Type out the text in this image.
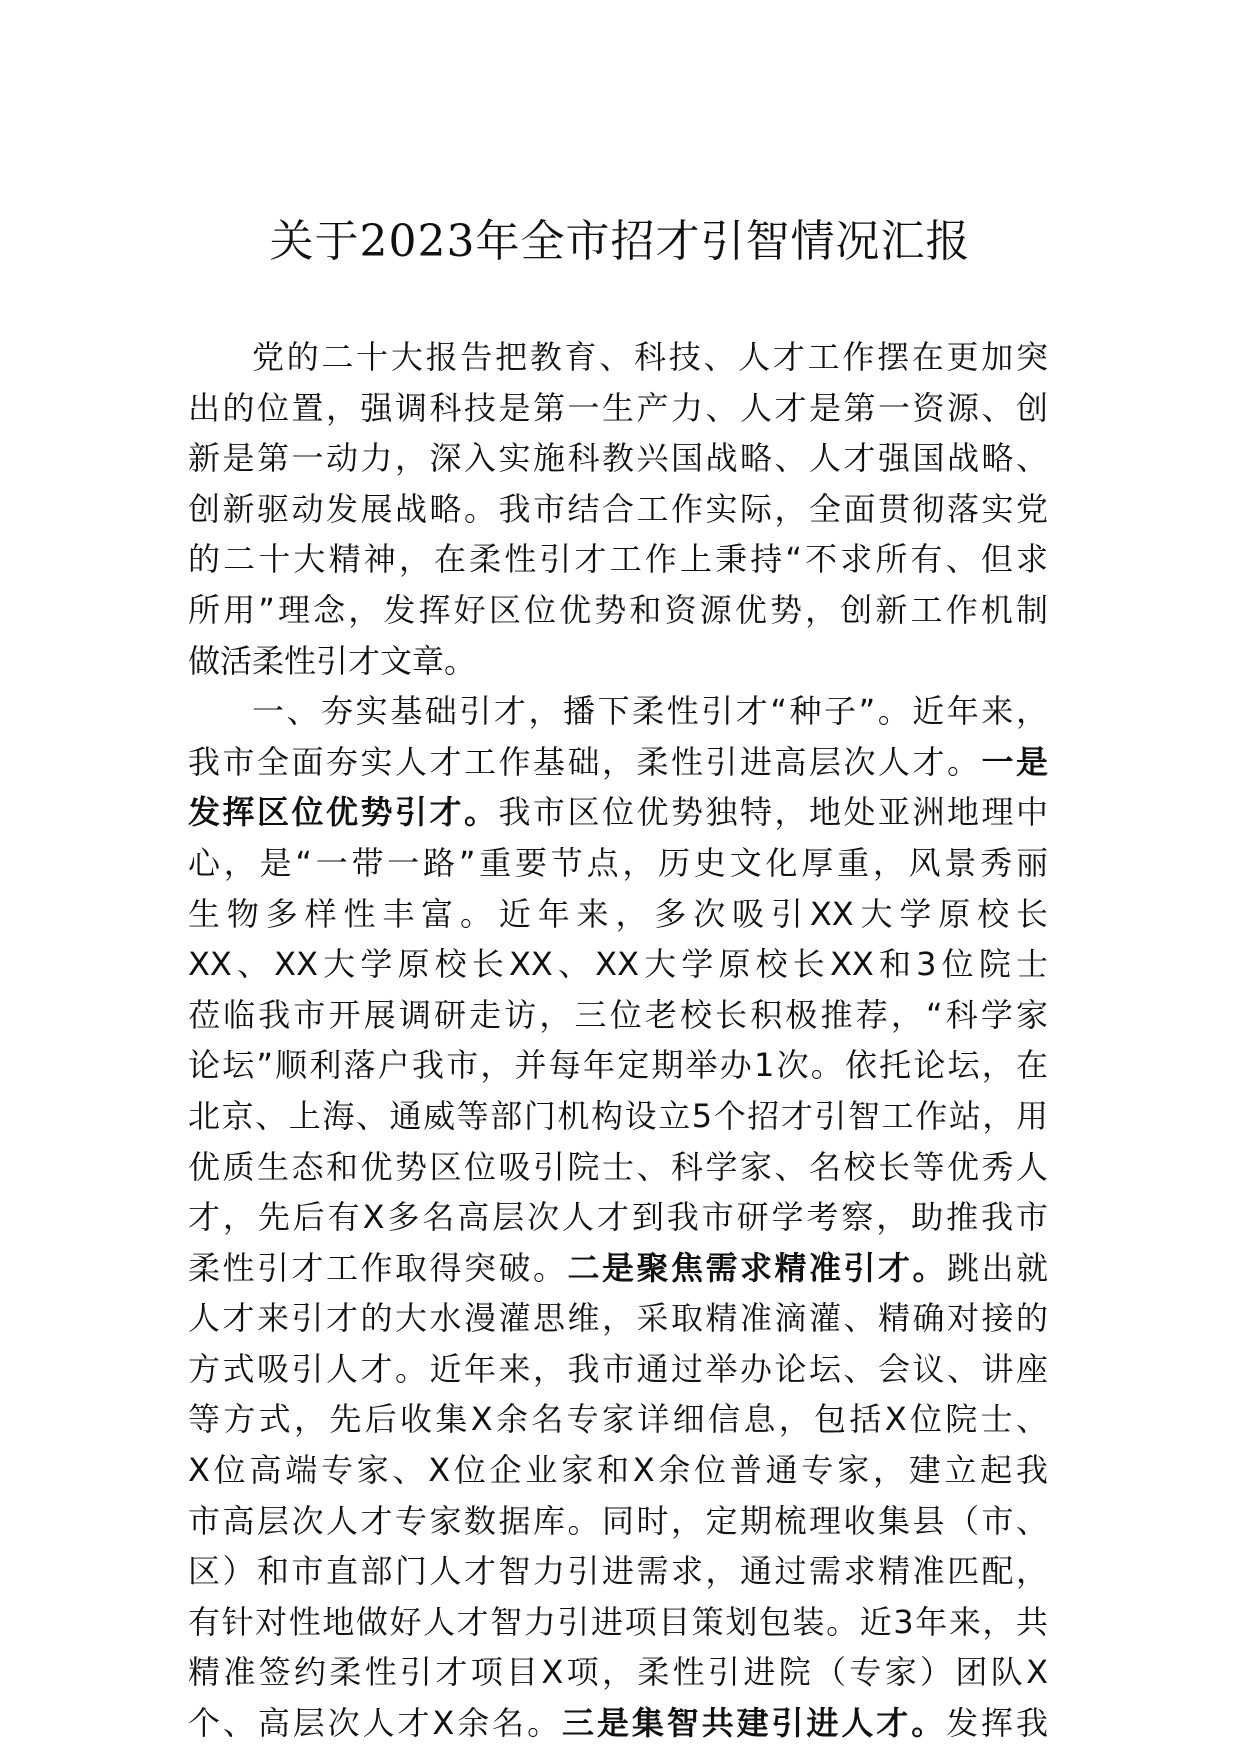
关于2023年全市招才引智情况汇报
党的二十大报告把教育、科技、人才工作摆在更加突
出的位置，强调科技是第一生产力、人才是第一资源、创
新是第一动力，深入实施科教兴国战略、人才强国战略、
创新驱动发展战略。我市结合工作实际，全面贯彻落实党
的二十大精神，在柔性引才工作上秉持“不求所有、但求
所用”理念，发挥好区位优势和资源优势，创新工作机制
做活柔性引才文章。
一、夯实基础引才，播下柔性引才“种子”。近年来，
我市全面夯实人才工作基础，柔性引进高层次人才。一是
发挥区位优势引才。我市区位优势独特，地处亚洲地理中
心，是“一带一路”重要节点，历史文化厚重，风景秀丽
生物多样性丰富。近年来，多次吸引XX大学原校长
XX、XX大学原校长XX、XX大学原校长XX和3位院士
莅临我市开展调研走访，三位老校长积极推荐，“科学家
论坛”顺利落户我市，并每年定期举办1次。依托论坛，在
北京、上海、通威等部门机构设立5个招才引智工作站，用
优质生态和优势区位吸引院士、科学家、名校长等优秀人
才，先后有X多名高层次人才到我市研学考察，助推我市
柔性引才工作取得突破。二是聚焦需求精准引才。跳出就
人才来引才的大水漫灌思维，采取精准滴灌、精确对接的
方式吸引人才。近年来，我市通过举办论坛、会议、讲座
等方式，先后收集X余名专家详细信息，包括X位院士、
X位高端专家、X位企业家和X余位普通专家，建立起我
市高层次人才专家数据库。同时，定期梳理收集县（市、
区）和市直部门人才智力引进需求，通过需求精准匹配，
有针对性地做好人才智力引进项目策划包装。近3年来，共
精准签约柔性引才项目X项，柔性引进院（专家）团队X
个、高层次人才X余名。三是集智共建引进人才。发挥我
